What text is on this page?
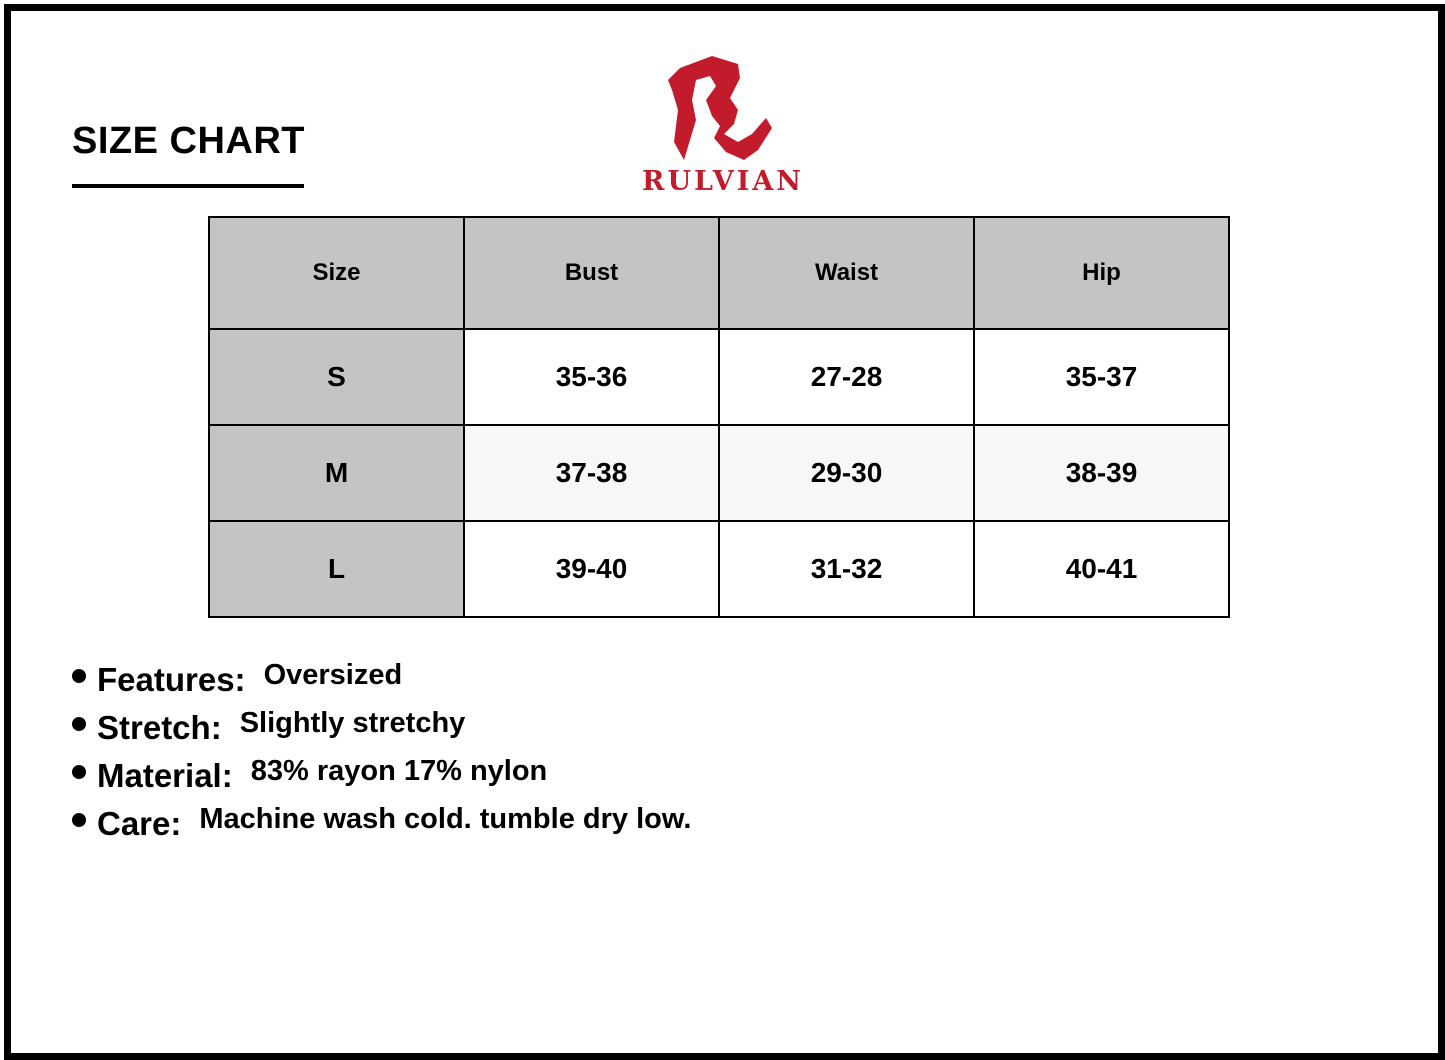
SIZE CHART
RULVIAN
Size	Bust	Waist	Hip
S	35-36	27-28	35-37
M	37-38	29-30	38-39
L	39-40	31-32	40-41
Features: Oversized
Stretch: Slightly stretchy
Material: 83% rayon 17% nylon
Care: Machine wash cold. tumble dry low.
